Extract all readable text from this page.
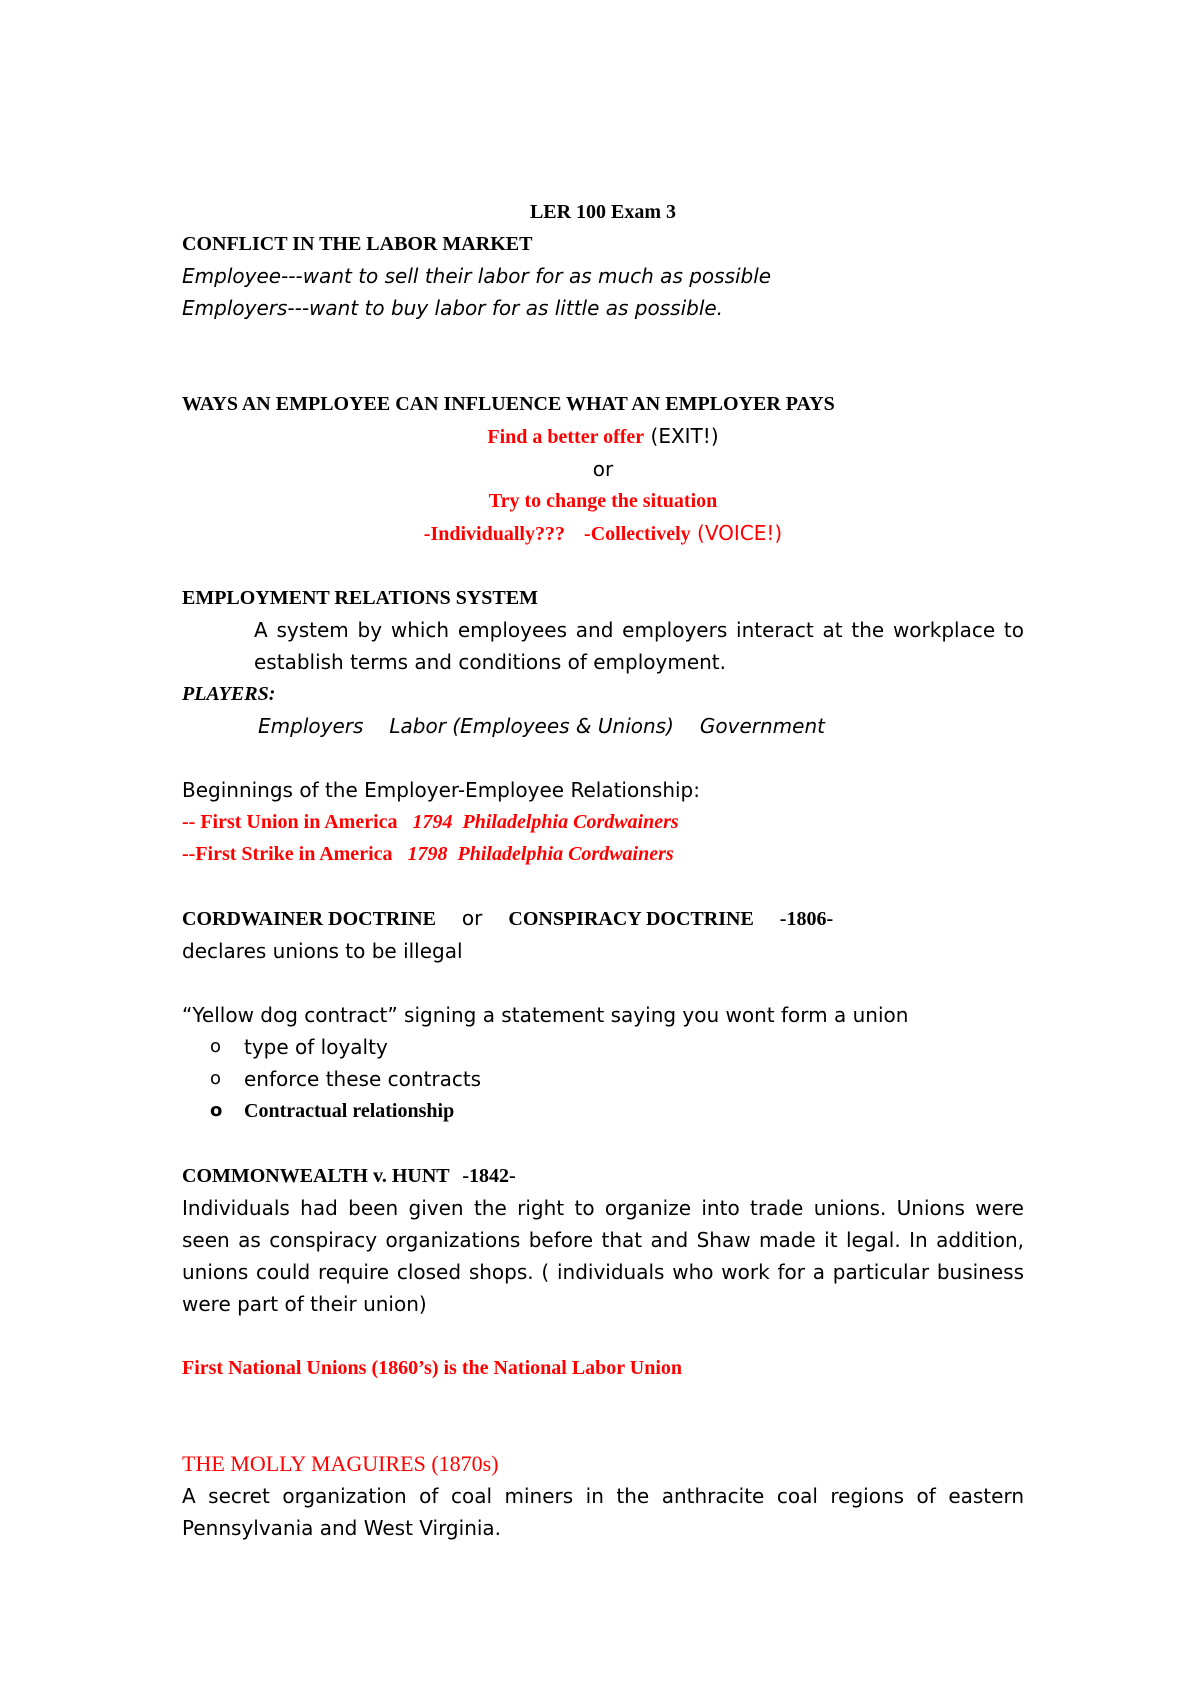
LER 100 Exam 3
CONFLICT IN THE LABOR MARKET
Employee---want to sell their labor for as much as possible
Employers---want to buy labor for as little as possible.
WAYS AN EMPLOYEE CAN INFLUENCE WHAT AN EMPLOYER PAYS
Find a better offer (EXIT!)
or
Try to change the situation
-Individually??? -Collectively (VOICE!)
EMPLOYMENT RELATIONS SYSTEM
A system by which employees and employers interact at the workplace to establish terms and conditions of employment.
PLAYERS:
Employers Labor (Employees & Unions) Government
Beginnings of the Employer-Employee Relationship:
-- First Union in America 1794 Philadelphia Cordwainers
--First Strike in America 1798 Philadelphia Cordwainers
CORDWAINER DOCTRINE or CONSPIRACY DOCTRINE -1806-
declares unions to be illegal
“Yellow dog contract” signing a statement saying you wont form a union
o	type of loyalty
o	enforce these contracts
o	Contractual relationship
COMMONWEALTH v. HUNT -1842-
Individuals had been given the right to organize into trade unions. Unions were seen as conspiracy organizations before that and Shaw made it legal. In addition, unions could require closed shops. ( individuals who work for a particular business were part of their union)
First National Unions (1860’s) is the National Labor Union
THE MOLLY MAGUIRES (1870s)
A secret organization of coal miners in the anthracite coal regions of eastern Pennsylvania and West Virginia.
